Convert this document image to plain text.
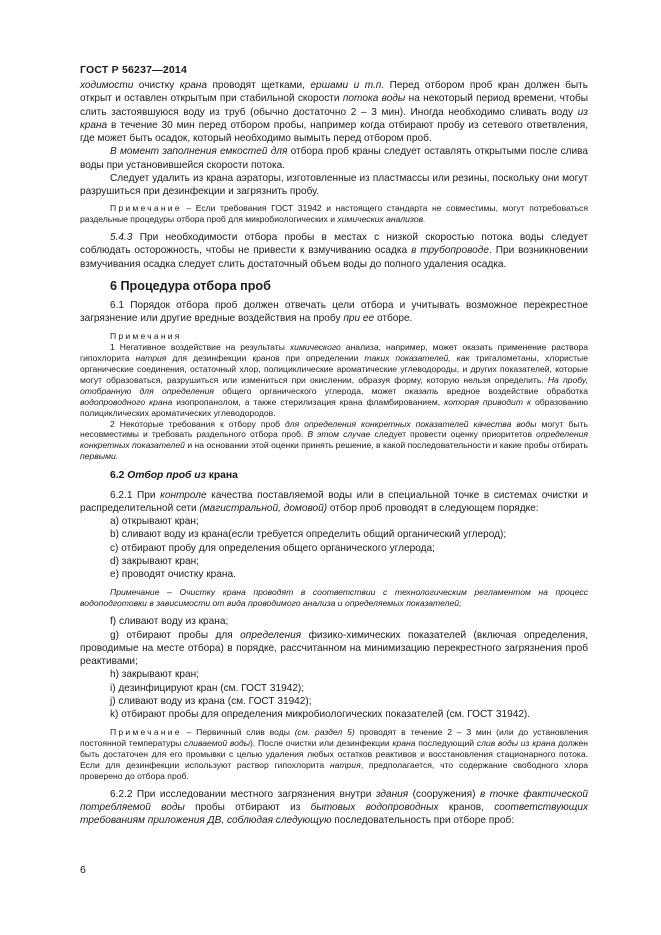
ГОСТ Р 56237—2014

ходимости очистку крана проводят щетками, ершами и т.п. Перед отбором проб кран должен быть открыт и оставлен открытым при стабильной скорости потока воды на некоторый период времени, чтобы слить застоявшуюся воду из труб (обычно достаточно 2 – 3 мин). Иногда необходимо сливать воду из крана в течение 30 мин перед отбором пробы, например когда отбирают пробу из сетевого ответвления, где может быть осадок, который необходимо вымыть перед отбором проб.

В момент заполнения емкостей для отбора проб краны следует оставлять открытыми после слива воды при установившейся скорости потока.

Следует удалить из крана аэраторы, изготовленные из пластмассы или резины, поскольку они могут разрушиться при дезинфекции и загрязнить пробу.

Примечание – Если требования ГОСТ 31942 и настоящего стандарта не совместимы, могут потребоваться раздельные процедуры отбора проб для микробиологических и химических анализов.

5.4.3 При необходимости отбора пробы в местах с низкой скоростью потока воды следует соблюдать осторожность, чтобы не привести к взмучиванию осадка в трубопроводе. При возникновении взмучивания осадка следует слить достаточный объем воды до полного удаления осадка.

6 Процедура отбора проб

6.1 Порядок отбора проб должен отвечать цели отбора и учитывать возможное перекрестное загрязнение или другие вредные воздействия на пробу при ее отборе.

Примечания

1 Негативное воздействие на результаты химического анализа, например, может оказать применение раствора гипохлорита натрия для дезинфекции кранов при определении таких показателей, как тригалометаны, хлористые органические соединения, остаточный хлор, полициклические ароматические углеводороды, и других показателей, которые могут образоваться, разрушиться или измениться при окислении, образуя форму, которую нельзя определить. На пробу, отобранную для определения общего органического углерода, может оказать вредное воздействие обработка водопроводного крана изопропанолом, а также стерилизация крана фламбированием, которая приводит к образованию полициклических ароматических углеводородов.

2 Некоторые требования к отбору проб для определения конкретных показателей качества воды могут быть несовместимы и требовать раздельного отбора проб. В этом случае следует провести оценку приоритетов определения конкретных показателей и на основании этой оценки принять решение, в какой последовательности и какие пробы отбирать первыми.

6.2 Отбор проб из крана

6.2.1 При контроле качества поставляемой воды или в специальной точке в системах очистки и распределительной сети (магистральной, домовой) отбор проб проводят в следующем порядке:

a) открывают кран;

b) сливают воду из крана(если требуется определить общий органический углерод);

c) отбирают пробу для определения общего органического углерода;

d) закрывают кран;

e) проводят очистку крана.

Примечание – Очистку крана проводят в соответствии с технологическим регламентом на процесс водоподготовки в зависимости от вида проводимого анализа и определяемых показателей;

f) сливают воду из крана;

g) отбирают пробы для определения физико-химических показателей (включая определения, проводимые на месте отбора) в порядке, рассчитанном на минимизацию перекрестного загрязнения проб реактивами;

h) закрывают кран;

i) дезинфицируют кран (см. ГОСТ 31942);

j) сливают воду из крана (см. ГОСТ 31942);

k) отбирают пробы для определения микробиологических показателей (см. ГОСТ 31942).

Примечание – Первичный слив воды (см. раздел 5) проводят в течение 2 – 3 мин (или до установления постоянной температуры сливаемой воды). После очистки или дезинфекции крана последующий слив воды из крана должен быть достаточен для его промывки с целью удаления любых остатков реактивов и восстановления стационарного потока. Если для дезинфекции используют раствор гипохлорита натрия, предполагается, что содержание свободного хлора проверено до отбора проб.

6.2.2 При исследовании местного загрязнения внутри здания (сооружения) в точке фактической потребляемой воды пробы отбирают из бытовых водопроводных кранов, соответствующих требованиям приложения ДВ, соблюдая следующую последовательность при отборе проб:

6
